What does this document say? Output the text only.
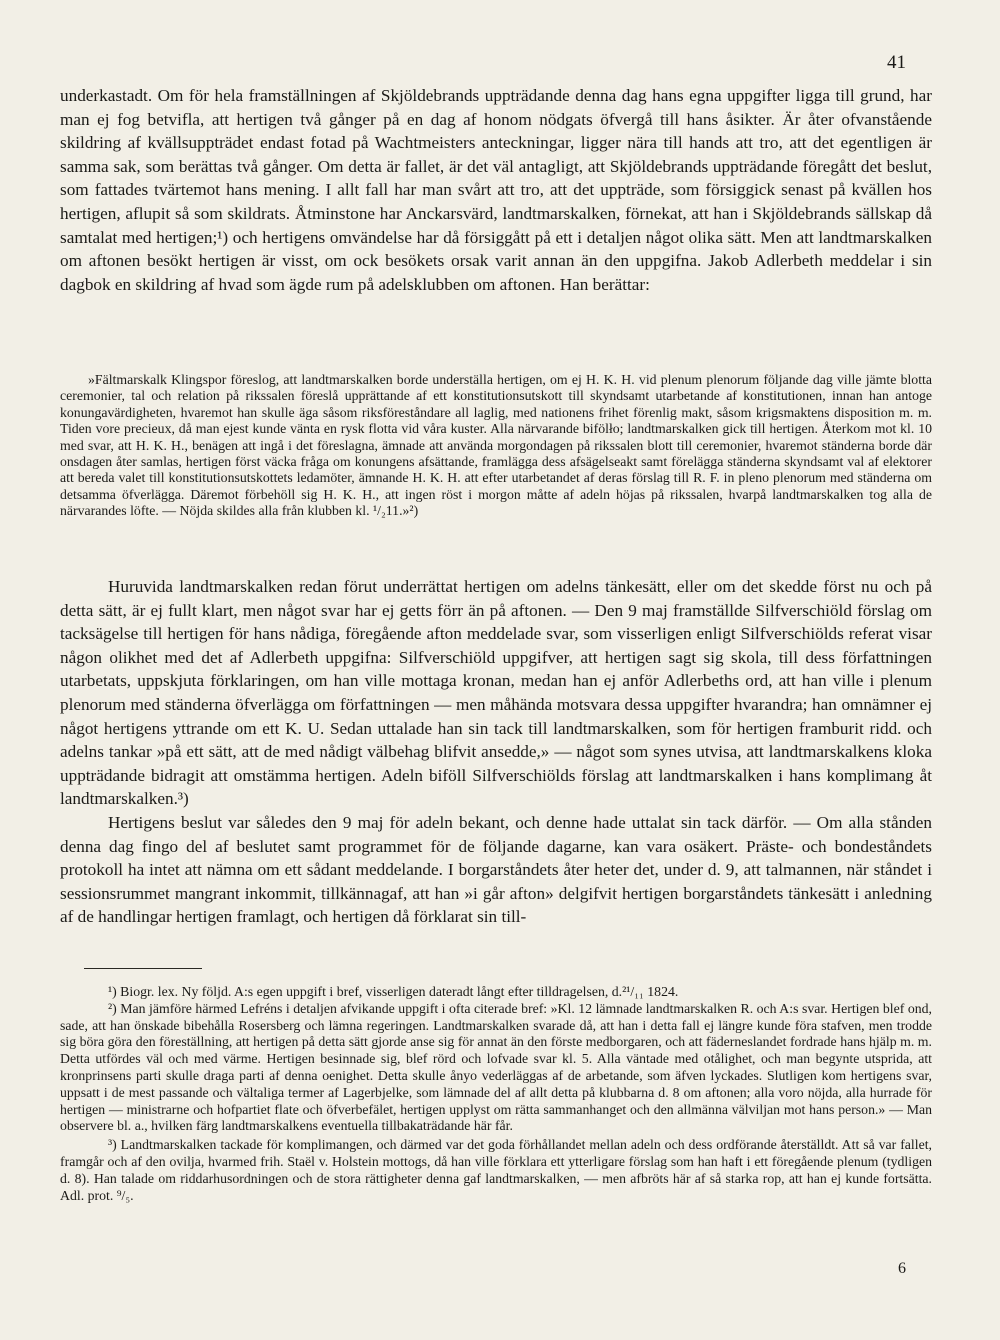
41

underkastadt. Om för hela framställningen af Skjöldebrands uppträdande denna dag hans egna uppgifter ligga till grund, har man ej fog betvifla, att hertigen två gånger på en dag af honom nödgats öfvergå till hans åsikter. Är åter ofvanstående skildring af kvällsuppträdet endast fotad på Wachtmeisters anteckningar, ligger nära till hands att tro, att det egentligen är samma sak, som berättas två gånger. Om detta är fallet, är det väl antagligt, att Skjöldebrands uppträdande föregått det beslut, som fattades tvärtemot hans mening. I allt fall har man svårt att tro, att det uppträde, som försiggick senast på kvällen hos hertigen, aflupit så som skildrats. Åtminstone har Anckarsvärd, landtmarskalken, förnekat, att han i Skjöldebrands sällskap då samtalat med hertigen;¹) och hertigens omvändelse har då försiggått på ett i detaljen något olika sätt. Men att landtmarskalken om aftonen besökt hertigen är visst, om ock besökets orsak varit annan än den uppgifna. Jakob Adlerbeth meddelar i sin dagbok en skildring af hvad som ägde rum på adelsklubben om aftonen. Han berättar:

»Fältmarskalk Klingspor föreslog, att landtmarskalken borde underställa hertigen, om ej H. K. H. vid plenum plenorum följande dag ville jämte blotta ceremonier, tal och relation på rikssalen föreslå upprättande af ett konstitutionsutskott till skyndsamt utarbetande af konstitutionen, innan han antoge konungavärdigheten, hvaremot han skulle äga såsom riksföreståndare all laglig, med nationens frihet förenlig makt, såsom krigsmaktens disposition m. m. Tiden vore precieux, då man ejest kunde vänta en rysk flotta vid våra kuster. Alla närvarande bifölło; landtmarskalken gick till hertigen. Återkom mot kl. 10 med svar, att H. K. H., benägen att ingå i det föreslagna, ämnade att använda morgondagen på rikssalen blott till ceremonier, hvaremot ständerna borde där onsdagen åter samlas, hertigen först väcka fråga om konungens afsättande, framlägga dess afsägelseakt samt förelägga ständerna skyndsamt val af elektorer att bereda valet till konstitutionsutskottets ledamöter, ämnande H. K. H. att efter utarbetandet af deras förslag till R. F. in pleno plenorum med ständerna om detsamma öfverlägga. Däremot förbehöll sig H. K. H., att ingen röst i morgon måtte af adeln höjas på rikssalen, hvarpå landtmarskalken tog alla de närvarandes löfte. — Nöjda skildes alla från klubben kl. ¹/₂11.»²)

Huruvida landtmarskalken redan förut underrättat hertigen om adelns tänkesätt, eller om det skedde först nu och på detta sätt, är ej fullt klart, men något svar har ej getts förr än på aftonen. — Den 9 maj framställde Silfverschiöld förslag om tacksägelse till hertigen för hans nådiga, föregående afton meddelade svar, som visserligen enligt Silfverschiölds referat visar någon olikhet med det af Adlerbeth uppgifna: Silfverschiöld uppgifver, att hertigen sagt sig skola, till dess författningen utarbetats, uppskjuta förklaringen, om han ville mottaga kronan, medan han ej anför Adlerbeths ord, att han ville i plenum plenorum med ständerna öfverlägga om författningen — men måhända motsvara dessa uppgifter hvarandra; han omnämner ej något hertigens yttrande om ett K. U. Sedan uttalade han sin tack till landtmarskalken, som för hertigen framburit ridd. och adelns tankar »på ett sätt, att de med nådigt välbehag blifvit ansedde,» — något som synes utvisa, att landtmarskalkens kloka uppträdande bidragit att omstämma hertigen. Adeln biföll Silfverschiölds förslag att landtmarskalken i hans komplimang åt landtmarskalken.³)

Hertigens beslut var således den 9 maj för adeln bekant, och denne hade uttalat sin tack därför. — Om alla stånden denna dag fingo del af beslutet samt programmet för de följande dagarne, kan vara osäkert. Präste- och bondeståndets protokoll ha intet att nämna om ett sådant meddelande. I borgarståndets åter heter det, under d. 9, att talmannen, när ståndet i sessionsrummet mangrant inkommit, tillkännagaf, att han »i går afton» delgifvit hertigen borgarståndets tänkesätt i anledning af de handlingar hertigen framlagt, och hertigen då förklarat sin till-

¹) Biogr. lex. Ny följd. A:s egen uppgift i bref, visserligen dateradt långt efter tilldragelsen, d.²¹/₁₁ 1824.

²) Man jämföre härmed Lefréns i detaljen afvikande uppgift i ofta citerade bref: »Kl. 12 lämnade landtmarskalken R. och A:s svar. Hertigen blef ond, sade, att han önskade bibehålla Rosersberg och lämna regeringen. Landtmarskalken svarade då, att han i detta fall ej längre kunde föra stafven, men trodde sig böra göra den föreställning, att hertigen på detta sätt gjorde anse sig för annat än den förste medborgaren, och att fäderneslandet fordrade hans hjälp m. m. Detta utfördes väl och med värme. Hertigen besinnade sig, blef rörd och lofvade svar kl. 5. Alla väntade med otålighet, och man begynte utsprida, att kronprinsens parti skulle draga parti af denna oenighet. Detta skulle ånyo vederläggas af de arbetande, som äfven lyckades. Slutligen kom hertigens svar, uppsatt i de mest passande och vältaliga termer af Lagerbjelke, som lämnade del af allt detta på klubbarna d. 8 om aftonen; alla voro nöjda, alla hurrade för hertigen — ministrarne och hofpartiet flate och öfverbefälet, hertigen upplyst om rätta sammanhanget och den allmänna välviljan mot hans person.» — Man observere bl. a., hvilken färg landtmarskalkens eventuella tillbakaträdande här får.

³) Landtmarskalken tackade för komplimangen, och därmed var det goda förhållandet mellan adeln och dess ordförande återställdt. Att så var fallet, framgår och af den ovilja, hvarmed frih. Staël v. Holstein mottogs, då han ville förklara ett ytterligare förslag som han haft i ett föregående plenum (tydligen d. 8). Han talade om riddarhusordningen och de stora rättigheter denna gaf landtmarskalken, — men afbröts här af så starka rop, att han ej kunde fortsätta. Adl. prot. ⁹/₅.

6
